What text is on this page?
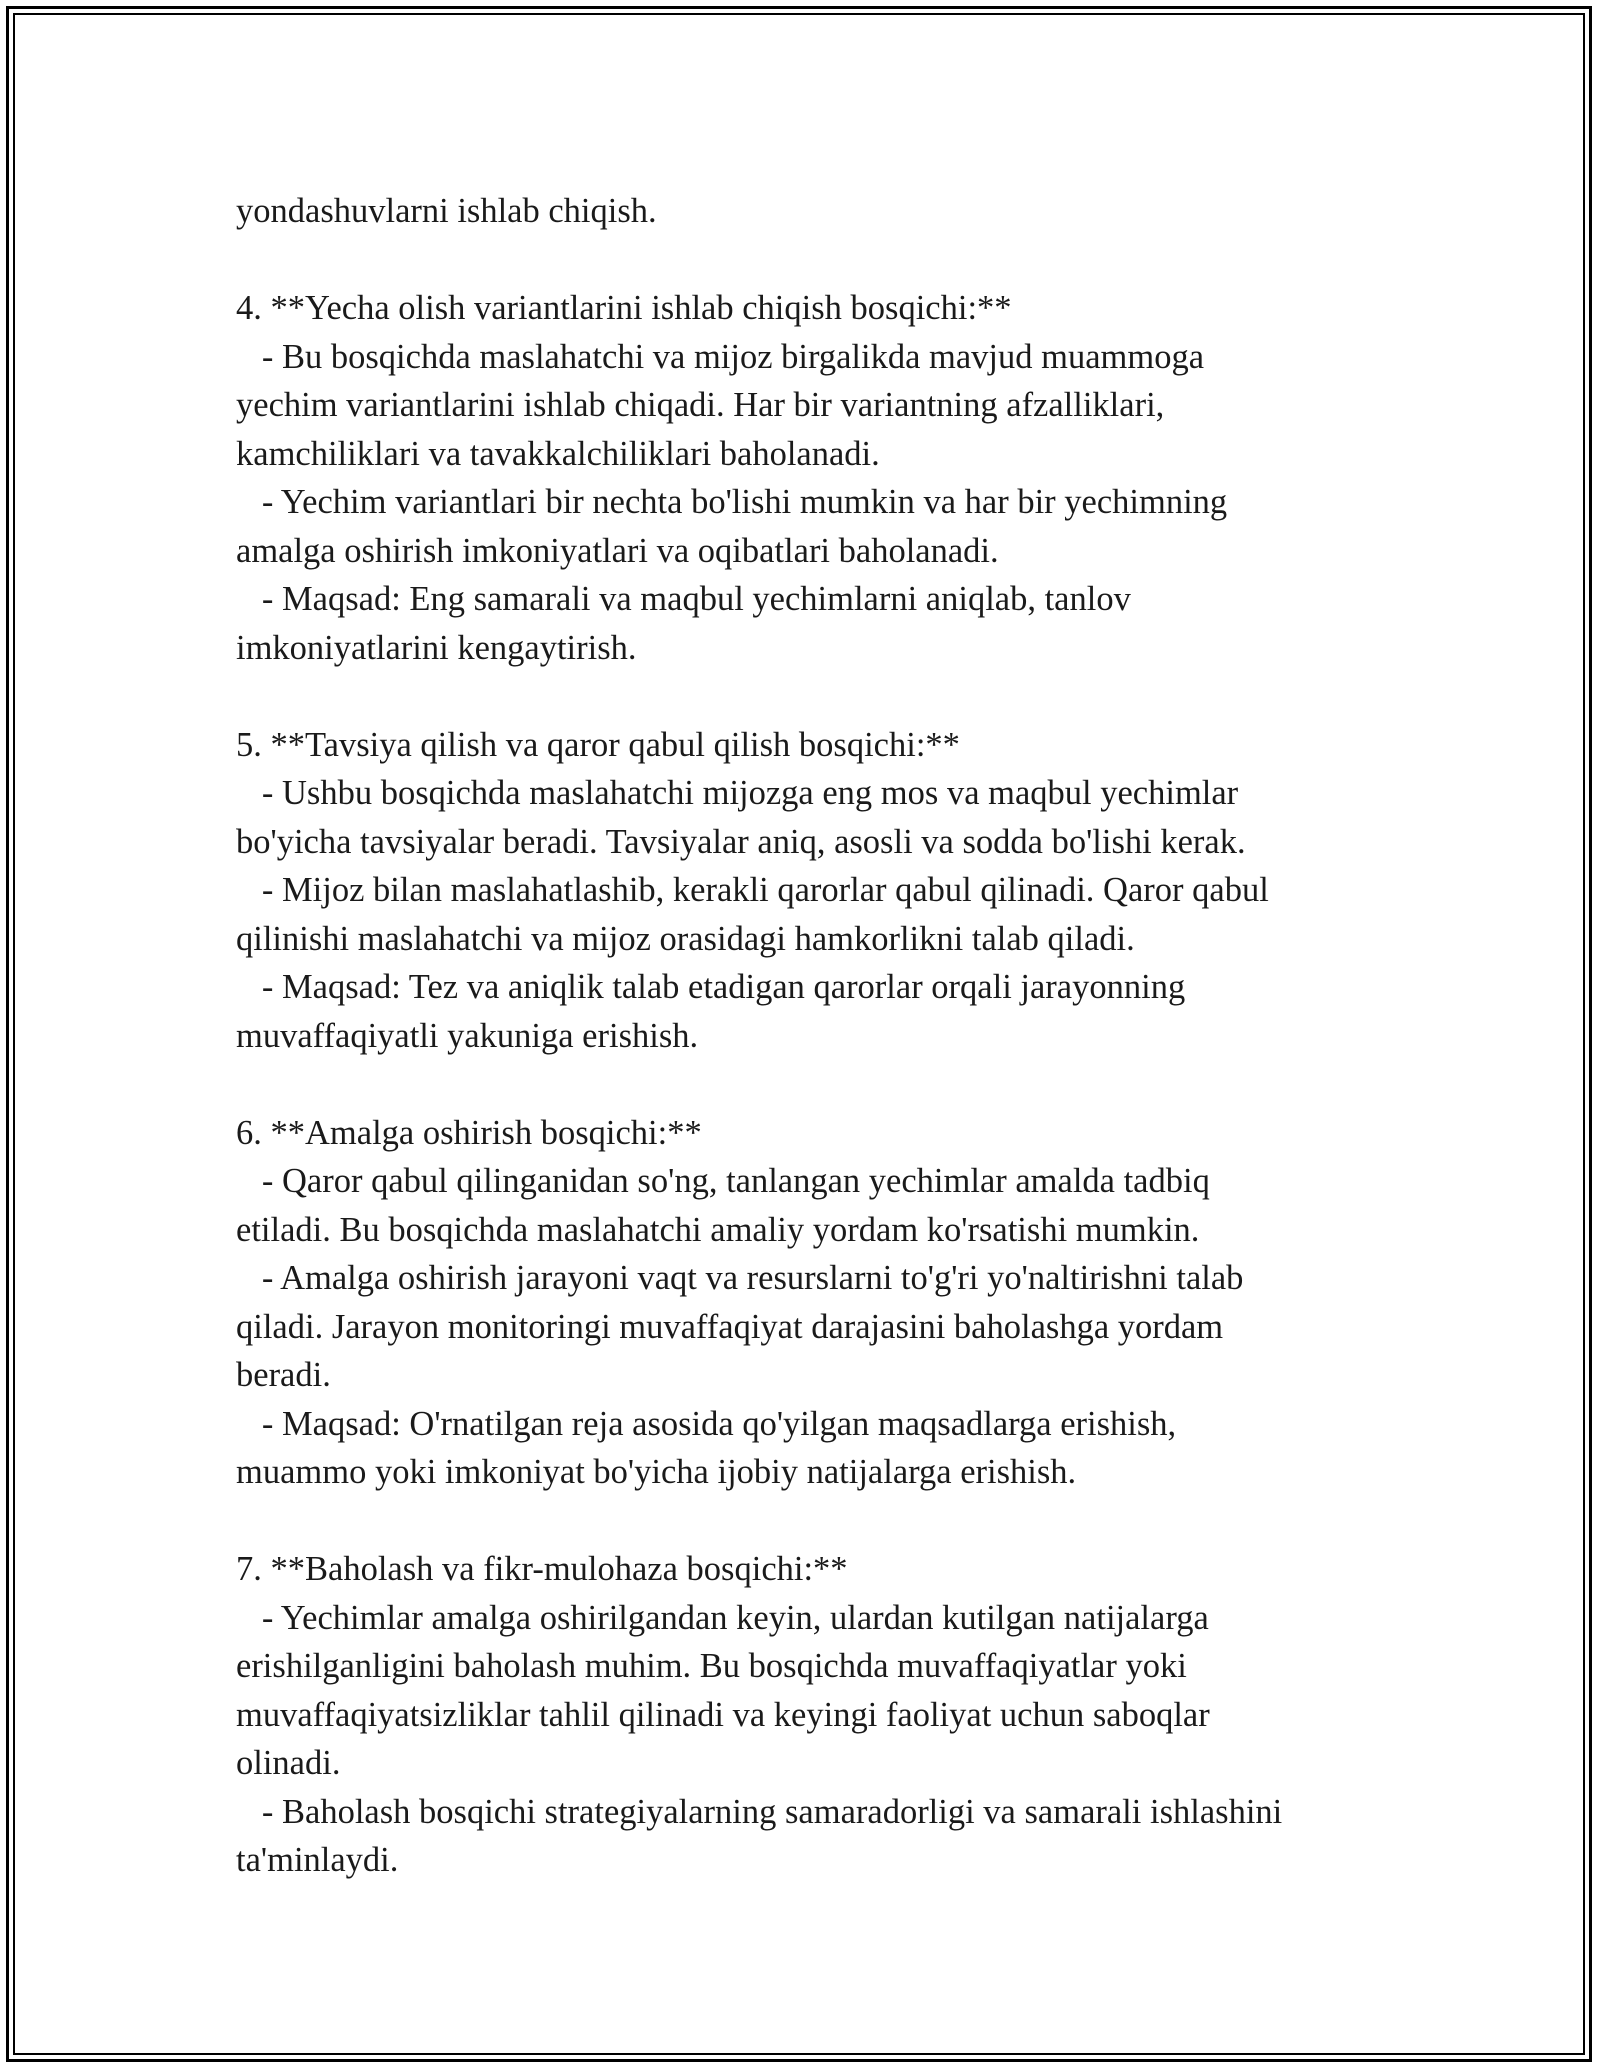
yondashuvlarni ishlab chiqish.
4. **Yecha olish variantlarini ishlab chiqish bosqichi:**
- Bu bosqichda maslahatchi va mijoz birgalikda mavjud muammoga
yechim variantlarini ishlab chiqadi. Har bir variantning afzalliklari,
kamchiliklari va tavakkalchiliklari baholanadi.
- Yechim variantlari bir nechta bo'lishi mumkin va har bir yechimning
amalga oshirish imkoniyatlari va oqibatlari baholanadi.
- Maqsad: Eng samarali va maqbul yechimlarni aniqlab, tanlov
imkoniyatlarini kengaytirish.
5. **Tavsiya qilish va qaror qabul qilish bosqichi:**
- Ushbu bosqichda maslahatchi mijozga eng mos va maqbul yechimlar
bo'yicha tavsiyalar beradi. Tavsiyalar aniq, asosli va sodda bo'lishi kerak.
- Mijoz bilan maslahatlashib, kerakli qarorlar qabul qilinadi. Qaror qabul
qilinishi maslahatchi va mijoz orasidagi hamkorlikni talab qiladi.
- Maqsad: Tez va aniqlik talab etadigan qarorlar orqali jarayonning
muvaffaqiyatli yakuniga erishish.
6. **Amalga oshirish bosqichi:**
- Qaror qabul qilinganidan so'ng, tanlangan yechimlar amalda tadbiq
etiladi. Bu bosqichda maslahatchi amaliy yordam ko'rsatishi mumkin.
- Amalga oshirish jarayoni vaqt va resurslarni to'g'ri yo'naltirishni talab
qiladi. Jarayon monitoringi muvaffaqiyat darajasini baholashga yordam
beradi.
- Maqsad: O'rnatilgan reja asosida qo'yilgan maqsadlarga erishish,
muammo yoki imkoniyat bo'yicha ijobiy natijalarga erishish.
7. **Baholash va fikr-mulohaza bosqichi:**
- Yechimlar amalga oshirilgandan keyin, ulardan kutilgan natijalarga
erishilganligini baholash muhim. Bu bosqichda muvaffaqiyatlar yoki
muvaffaqiyatsizliklar tahlil qilinadi va keyingi faoliyat uchun saboqlar
olinadi.
- Baholash bosqichi strategiyalarning samaradorligi va samarali ishlashini
ta'minlaydi.
